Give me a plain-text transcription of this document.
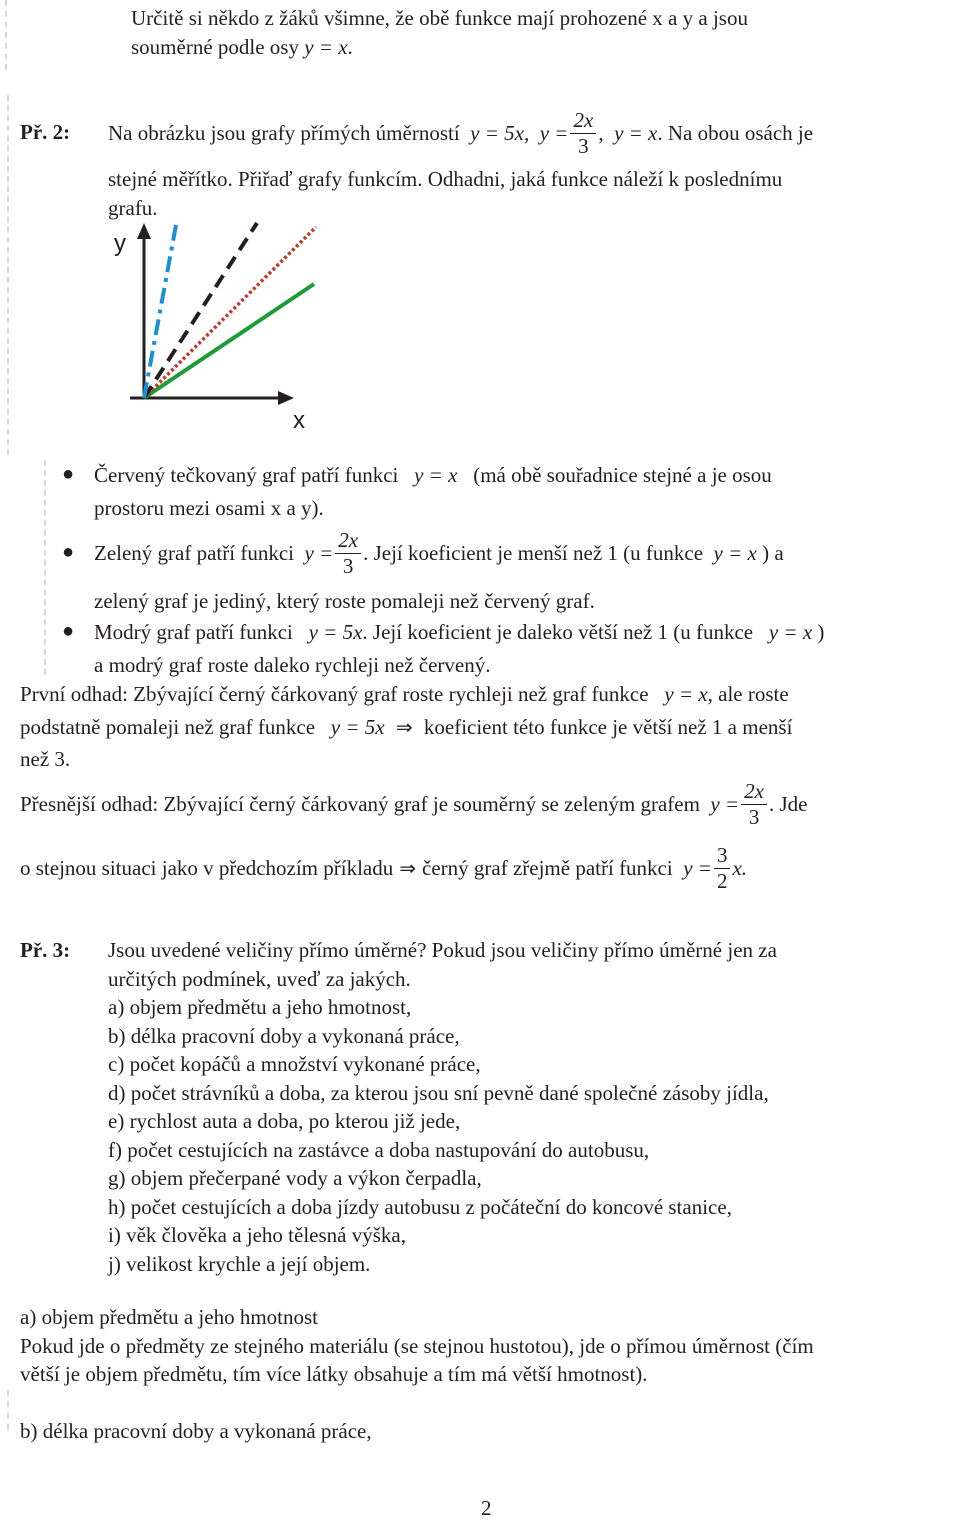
Určitě si někdo z žáků všimne, že obě funkce mají prohozené x a y a jsou
souměrné podle osy y = x.
Př. 2: Na obrázku jsou grafy přímých úměrností
y = 5x , $y = \frac{2x}{3}$ , y = x . Na obou osách je
stejné měřítko. Přiřaď grafy funkcím. Odhadni, jaká funkce náleží k poslednímu
grafu.
y
x
● Červený tečkovaný graf patří funkci y = x (má obě souřadnice stejné a je osou
prostoru mezi osami x a y).
● Zelený graf patří funkci
$y = \frac{2x}{3}$ . Její koeficient je menší než 1 (u funkce
y = x
) a
zelený graf je jediný, který roste pomaleji než červený graf.
● Modrý graf patří funkci y = 5x. Její koeficient je daleko větší než 1 (u funkce y = x )
a modrý graf roste daleko rychleji než červený.
První odhad: Zbývající černý čárkovaný graf roste rychleji než graf funkce y = x, ale roste
podstatně pomaleji než graf funkce y = 5x ⇒ koeficient této funkce je větší než 1 a menší
než 3.
Přesnější odhad: Zbývající černý čárkovaný graf je souměrný se zeleným grafem
$y = \frac{2x}{3}$ . Jde
o stejnou situaci jako v předchozím příkladu ⇒ černý graf zřejmě patří funkci
$y = \frac{3}{2} x$.
Př. 3: Jsou uvedené veličiny přímo úměrné? Pokud jsou veličiny přímo úměrné jen za
určitých podmínek, uveď za jakých.
a) objem předmětu a jeho hmotnost,
b) délka pracovní doby a vykonaná práce,
c) počet kopáčů a množství vykonané práce,
d) počet strávníků a doba, za kterou jsou sní pevně dané společné zásoby jídla,
e) rychlost auta a doba, po kterou již jede,
f) počet cestujících na zastávce a doba nastupování do autobusu,
g) objem přečerpané vody a výkon čerpadla,
h) počet cestujících a doba jízdy autobusu z počáteční do koncové stanice,
i) věk člověka a jeho tělesná výška,
j) velikost krychle a její objem.
a) objem předmětu a jeho hmotnost
Pokud jde o předměty ze stejného materiálu (se stejnou hustotou), jde o přímou úměrnost (čím
větší je objem předmětu, tím více látky obsahuje a tím má větší hmotnost).
b) délka pracovní doby a vykonaná práce,
2
